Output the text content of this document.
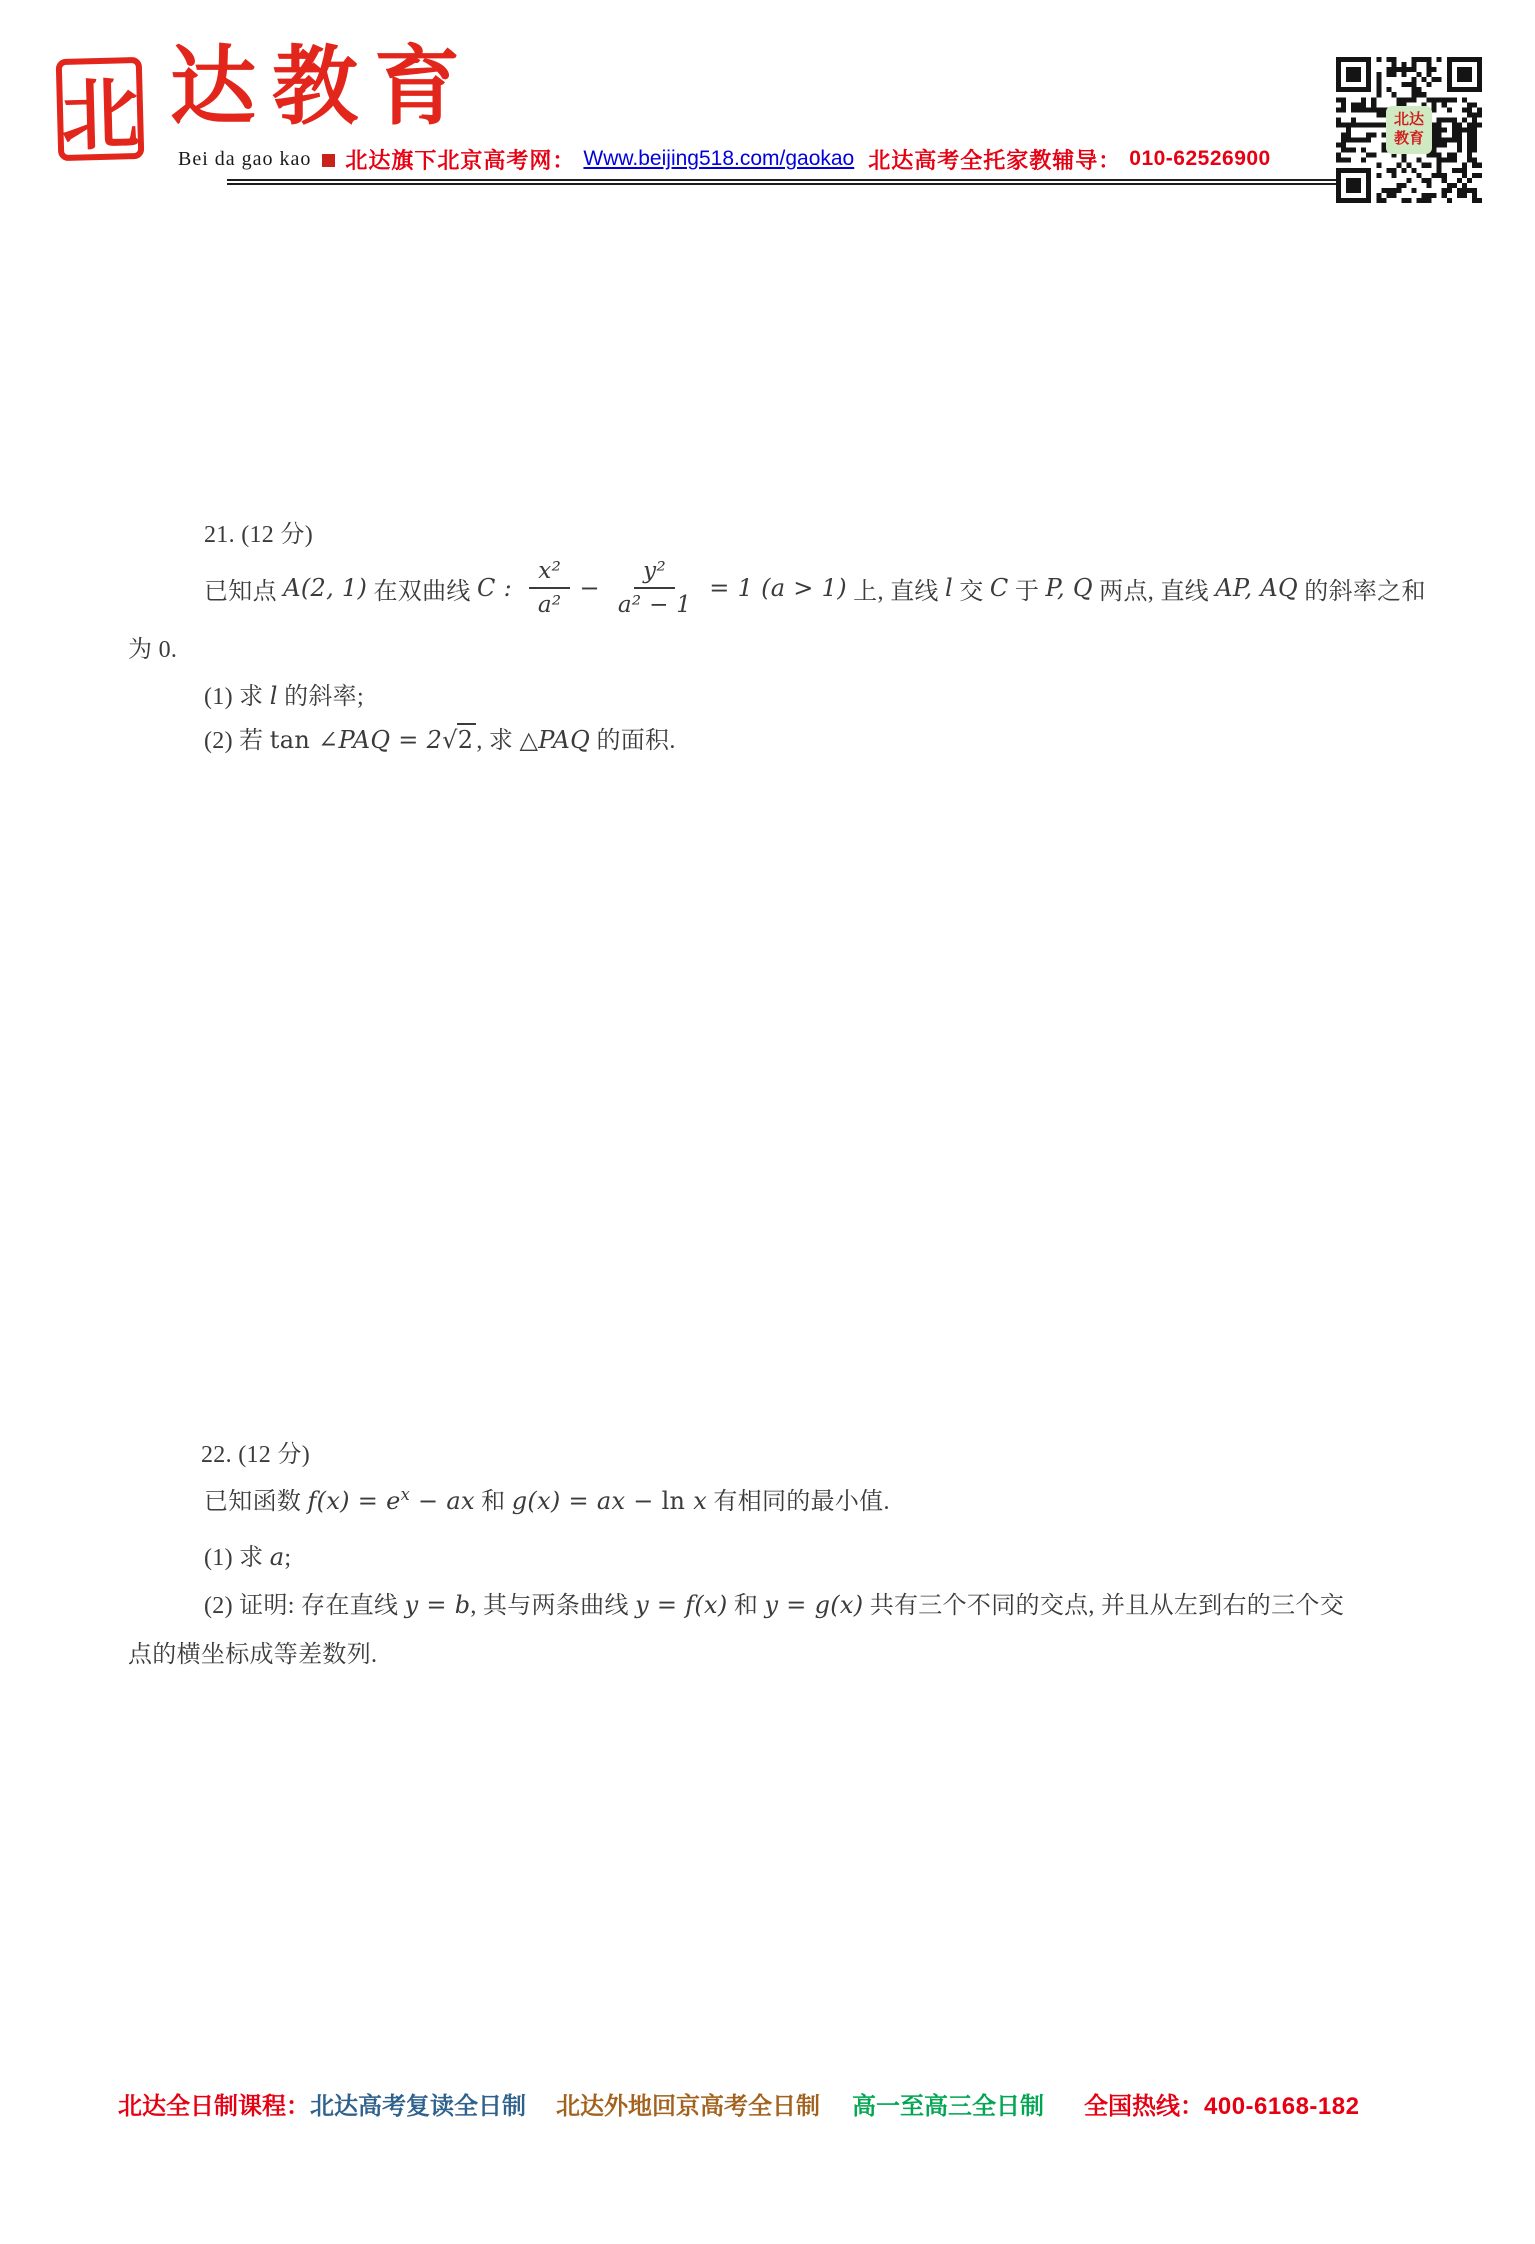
北 达教育
Bei da gao kao 北达旗下北京高考网： Www.beijing518.com/gaokao 北达高考全托家教辅导： 010-62526900
北达
教育
21. (12 分)
已知点 A(2, 1) 在双曲线 C : $\frac{\text{x²}}{\text{a²}} - \frac{\text{y²}}{\text{a² − 1}} = 1$ (a > 1) 上, 直线 l 交 C 于 P, Q 两点, 直线 AP, AQ 的斜率之和
为 0.
(1) 求 l 的斜率;
(2) 若 tan ∠PAQ = 2√2 , 求 △PAQ 的面积.
22. (12 分)
已知函数 $f(x) = e^x$ − ax 和 g(x) = ax − ln x 有相同的最小值.
(1) 求 a;
(2) 证明: 存在直线 y = b, 其与两条曲线 y = f(x) 和 y = g(x) 共有三个不同的交点, 并且从左到右的三个交
点的横坐标成等差数列.
北达全日制课程： 北达高考复读全日制 北达外地回京高考全日制 高一至高三全日制 全国热线： 400-6168-182
